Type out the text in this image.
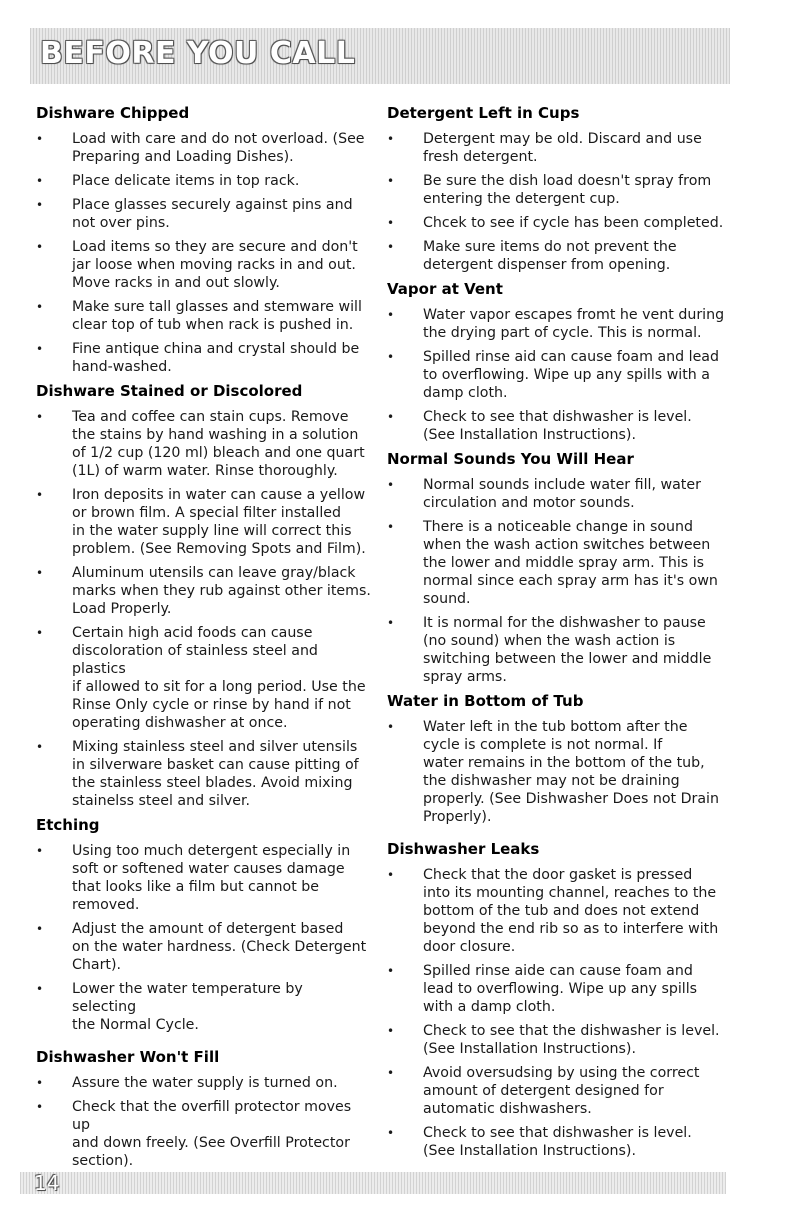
BEFORE YOU CALL
Dishware Chipped
• Load with care and do not overload. (See
Preparing and Loading Dishes).
• Place delicate items in top rack.
• Place glasses securely against pins and
not over pins.
• Load items so they are secure and don't
jar loose when moving racks in and out.
Move racks in and out slowly.
• Make sure tall glasses and stemware will
clear top of tub when rack is pushed in.
• Fine antique china and crystal should be
hand-washed.
Dishware Stained or Discolored
• Tea and coffee can stain cups. Remove
the stains by hand washing in a solution
of 1/2 cup (120 ml) bleach and one quart
(1L) of warm water. Rinse thoroughly.
• Iron deposits in water can cause a yellow
or brown film. A special filter installed
in the water supply line will correct this
problem. (See Removing Spots and Film).
• Aluminum utensils can leave gray/black
marks when they rub against other items.
Load Properly.
• Certain high acid foods can cause
discoloration of stainless steel and plastics
if allowed to sit for a long period. Use the
Rinse Only cycle or rinse by hand if not
operating dishwasher at once.
• Mixing stainless steel and silver utensils
in silverware basket can cause pitting of
the stainless steel blades. Avoid mixing
stainelss steel and silver.
Etching
• Using too much detergent especially in
soft or softened water causes damage
that looks like a film but cannot be
removed.
• Adjust the amount of detergent based
on the water hardness. (Check Detergent
Chart).
• Lower the water temperature by selecting
the Normal Cycle.
Dishwasher Won't Fill
• Assure the water supply is turned on.
• Check that the overfill protector moves up
and down freely. (See Overfill Protector
section).
Detergent Left in Cups
• Detergent may be old. Discard and use
fresh detergent.
• Be sure the dish load doesn't spray from
entering the detergent cup.
• Chcek to see if cycle has been completed.
• Make sure items do not prevent the
detergent dispenser from opening.
Vapor at Vent
• Water vapor escapes fromt he vent during
the drying part of cycle. This is normal.
• Spilled rinse aid can cause foam and lead
to overflowing. Wipe up any spills with a
damp cloth.
• Check to see that dishwasher is level.
(See Installation Instructions).
Normal Sounds You Will Hear
• Normal sounds include water fill, water
circulation and motor sounds.
• There is a noticeable change in sound
when the wash action switches between
the lower and middle spray arm. This is
normal since each spray arm has it's own
sound.
• It is normal for the dishwasher to pause
(no sound) when the wash action is
switching between the lower and middle
spray arms.
Water in Bottom of Tub
• Water left in the tub bottom after the
cycle is complete is not normal. If
water remains in the bottom of the tub,
the dishwasher may not be draining
properly. (See Dishwasher Does not Drain
Properly).
Dishwasher Leaks
• Check that the door gasket is pressed
into its mounting channel, reaches to the
bottom of the tub and does not extend
beyond the end rib so as to interfere with
door closure.
• Spilled rinse aide can cause foam and
lead to overflowing. Wipe up any spills
with a damp cloth.
• Check to see that the dishwasher is level.
(See Installation Instructions).
• Avoid oversudsing by using the correct
amount of detergent designed for
automatic dishwashers.
• Check to see that dishwasher is level.
(See Installation Instructions).
14
